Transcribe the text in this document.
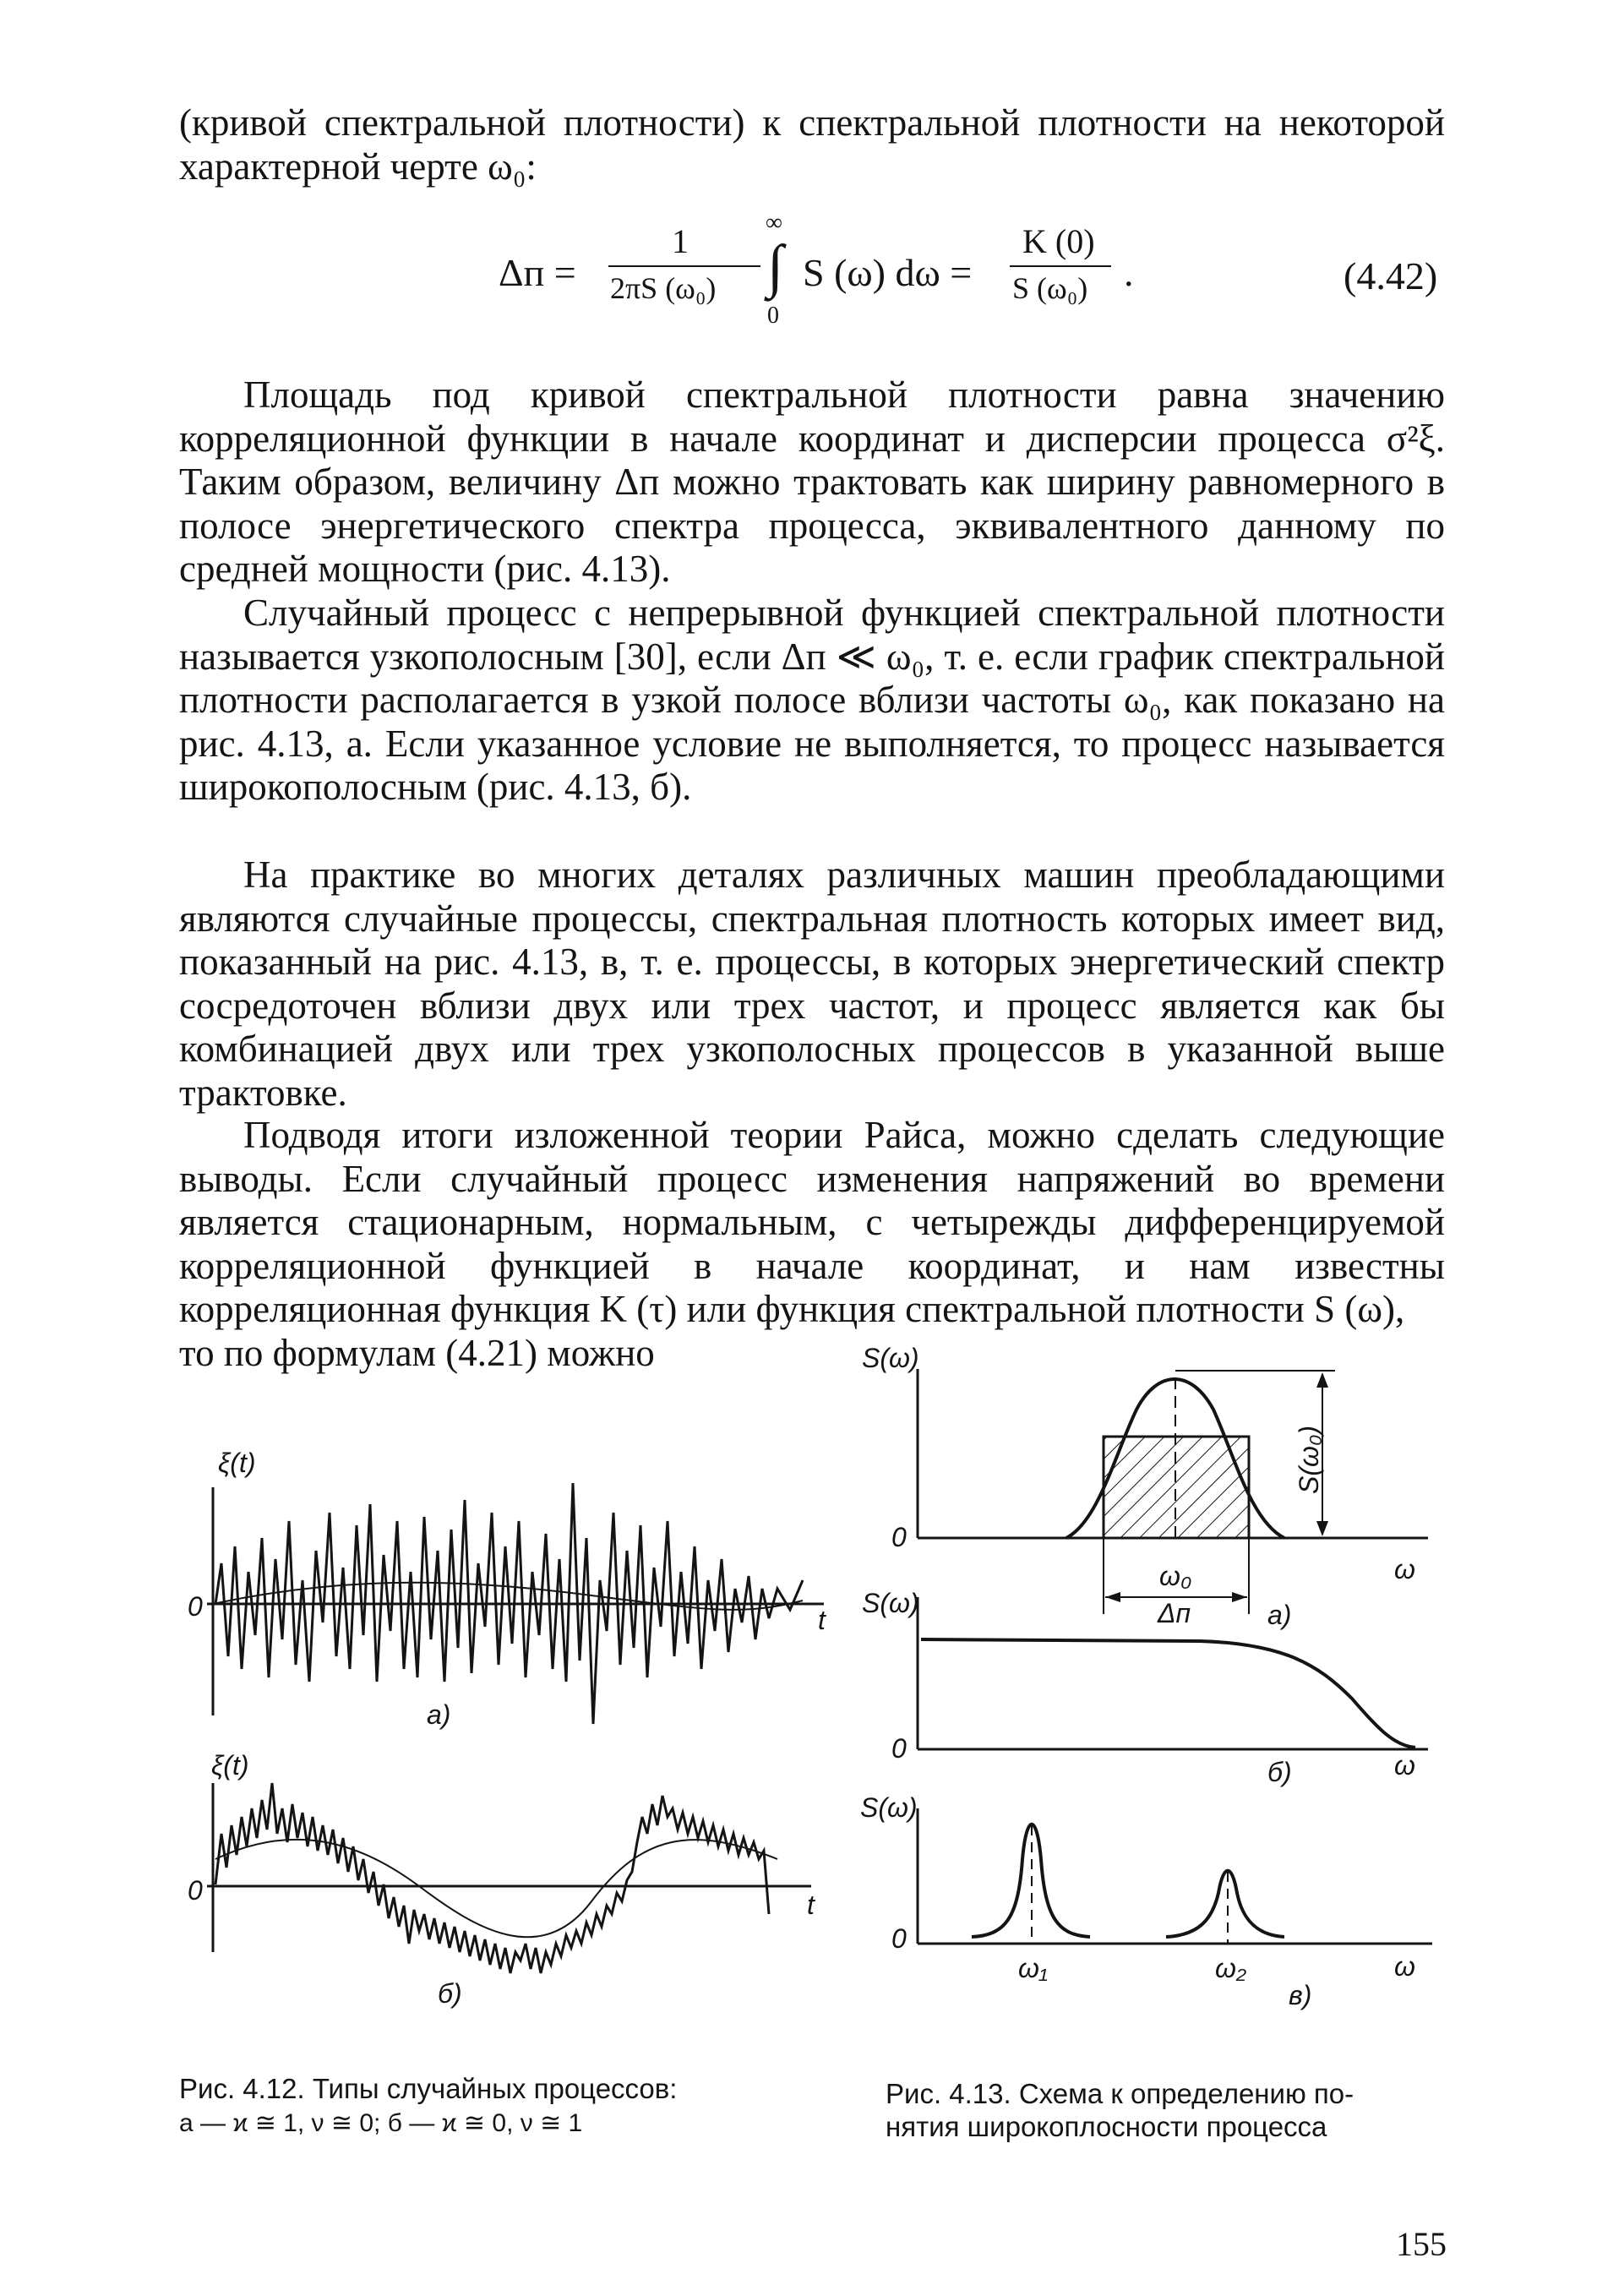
(кривой спектральной плотности) к спектральной плотности на некоторой характерной черте ω₀:

Δп =
1
2πS (ω₀)
∞
∫
0
S (ω) dω =
K (0)
S (ω₀) .	(4.42)

Площадь под кривой спектральной плотности равна значению корреляционной функции в начале координат и дисперсии процесса σ²ξ. Таким образом, величину Δп можно трактовать как ширину равномерного в полосе энергетического спектра процесса, эквивалентного данному по средней мощности (рис. 4.13).

Случайный процесс с непрерывной функцией спектральной плотности называется узкополосным [30], если Δп ≪ ω₀, т. е. если график спектральной плотности располагается в узкой полосе вблизи частоты ω₀, как показано на рис. 4.13, а. Если указанное условие не выполняется, то процесс называется широкополосным (рис. 4.13, б).

На практике во многих деталях различных машин преобладающими являются случайные процессы, спектральная плотность которых имеет вид, показанный на рис. 4.13, в, т. е. процессы, в которых энергетический спектр сосредоточен вблизи двух или трех частот, и процесс является как бы комбинацией двух или трех узкополосных процессов в указанной выше трактовке.

Подводя итоги изложенной теории Райса, можно сделать следующие выводы. Если случайный процесс изменения напряжений во времени является стационарным, нормальным, с четырежды дифференцируемой корреляционной функцией в начале координат, и нам известны корреляционная функция K (τ) или функция спектральной плотности S (ω),

то по формулам (4.21) можно

ξ(t)
0	t
а)
ξ(t)
0	t
б)
S(ω)
0
ω
ω₀
Δп
S(ω₀)
а)
S(ω)
0
ω
б)
S(ω)
0
ω
ω₁	ω₂
в)

Рис. 4.12. Типы случайных процессов:

а — ϰ ≅ 1, ν ≅ 0; б — ϰ ≅ 0, ν ≅ 1

Рис. 4.13. Схема к определению по-

нятия широкоплосности процесса

155
